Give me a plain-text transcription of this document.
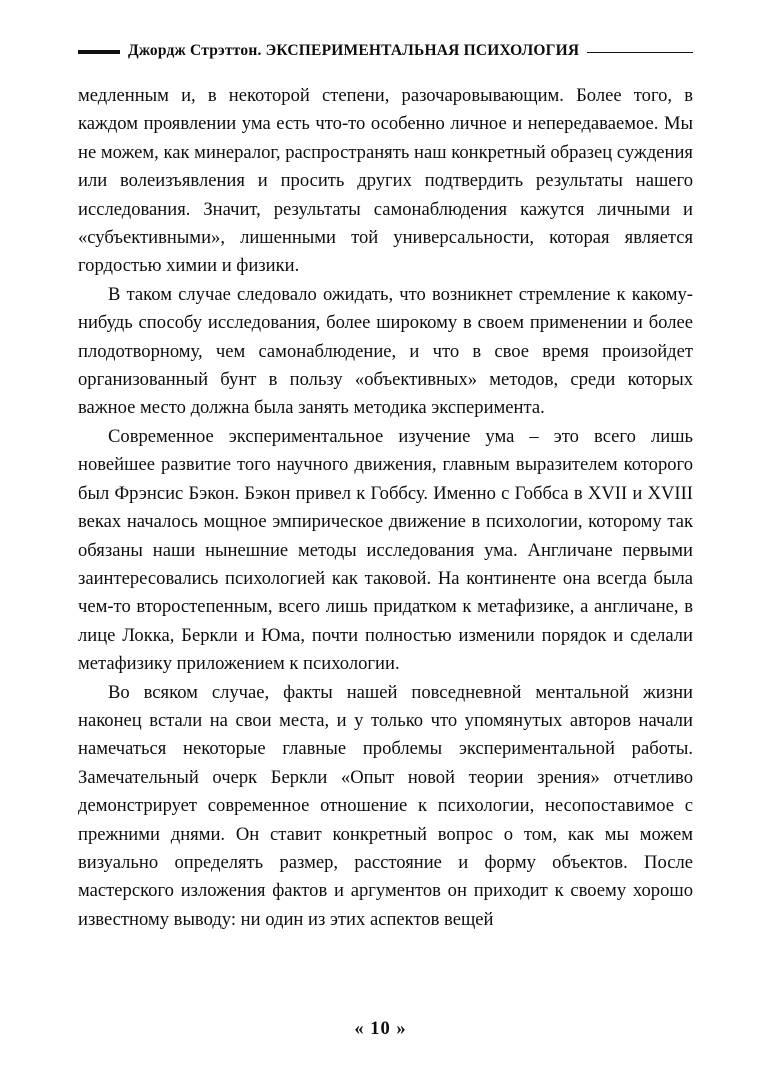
Джордж Стрэттон. ЭКСПЕРИМЕНТАЛЬНАЯ ПСИХОЛОГИЯ

медленным и, в некоторой степени, разочаровывающим. Более того, в каждом проявлении ума есть что-то особенно личное и непередаваемое. Мы не можем, как минералог, распространять наш конкретный образец суждения или волеизъявления и просить других подтвердить результаты нашего исследования. Значит, результаты самонаблюдения кажутся личными и «субъективными», лишенными той универсальности, которая является гордостью химии и физики.

В таком случае следовало ожидать, что возникнет стремление к какому-нибудь способу исследования, более широкому в своем применении и более плодотворному, чем самонаблюдение, и что в свое время произойдет организованный бунт в пользу «объективных» методов, среди которых важное место должна была занять методика эксперимента.

Современное экспериментальное изучение ума – это всего лишь новейшее развитие того научного движения, главным выразителем которого был Фрэнсис Бэкон. Бэкон привел к Гоббсу. Именно с Гоббса в XVII и XVIII веках началось мощное эмпирическое движение в психологии, которому так обязаны наши нынешние методы исследования ума. Англичане первыми заинтересовались психологией как таковой. На континенте она всегда была чем-то второстепенным, всего лишь придатком к метафизике, а англичане, в лице Локка, Беркли и Юма, почти полностью изменили порядок и сделали метафизику приложением к психологии.

Во всяком случае, факты нашей повседневной ментальной жизни наконец встали на свои места, и у только что упомянутых авторов начали намечаться некоторые главные проблемы экспериментальной работы. Замечательный очерк Беркли «Опыт новой теории зрения» отчетливо демонстрирует современное отношение к психологии, несопоставимое с прежними днями. Он ставит конкретный вопрос о том, как мы можем визуально определять размер, расстояние и форму объектов. После мастерского изложения фактов и аргументов он приходит к своему хорошо известному выводу: ни один из этих аспектов вещей

« 10 »
